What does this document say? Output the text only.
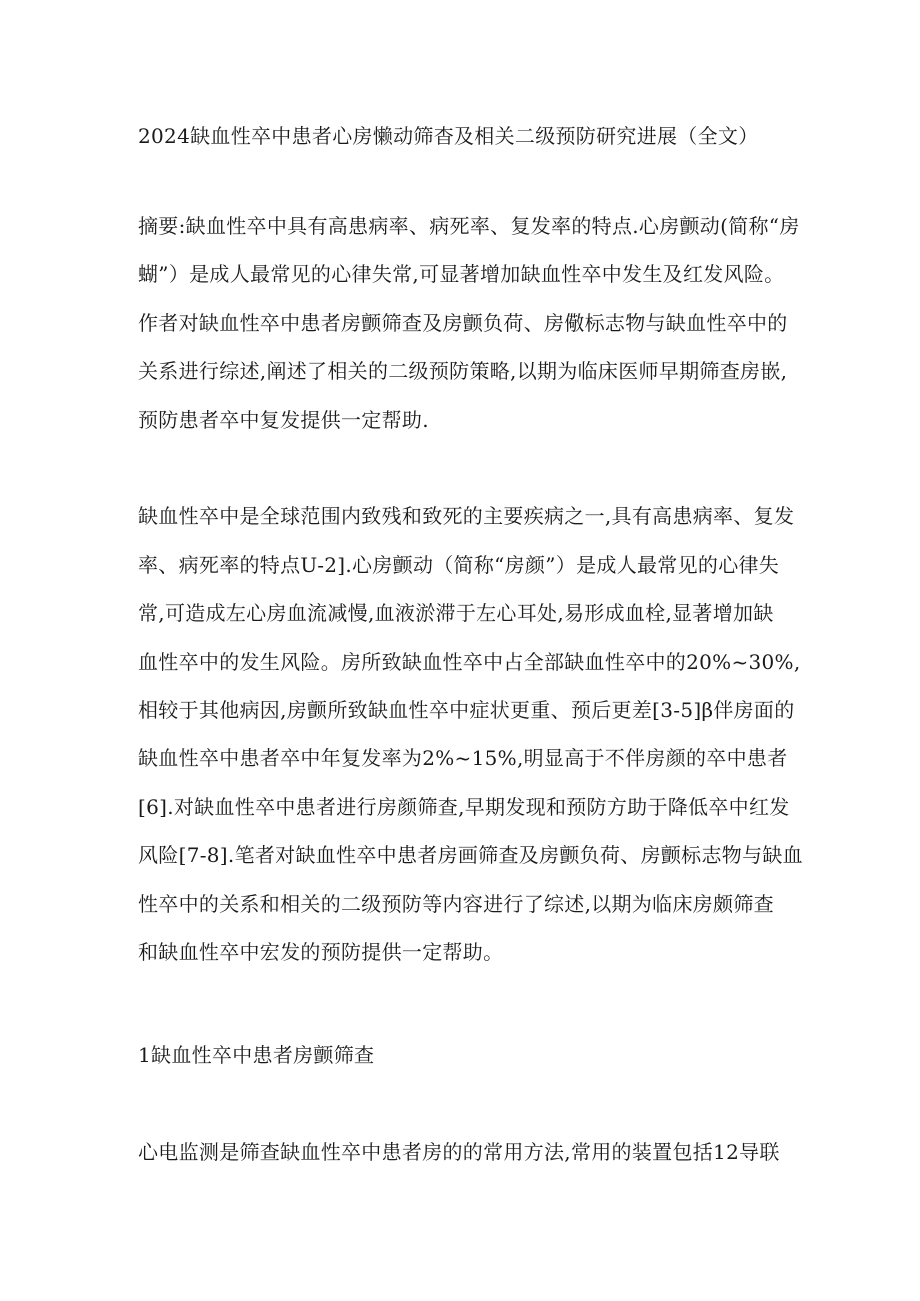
2024缺血性卒中患者心房懒动筛杳及相关二级预防研究进展（全文）
摘要:缺血性卒中具有高患病率、病死率、复发率的特点.心房颤动(简称“房
蝴”）是成人最常见的心律失常,可显著增加缺血性卒中发生及红发风险。
作者对缺血性卒中患者房颤筛查及房颤负荷、房儆标志物与缺血性卒中的
关系进行综述,阐述了相关的二级预防策略,以期为临床医师早期筛查房嵌,
预防患者卒中复发提供一定帮助.
缺血性卒中是全球范围内致残和致死的主要疾病之一,具有高患病率、复发
率、病死率的特点U-2].心房颤动（简称“房颜”）是成人最常见的心律失
常,可造成左心房血流减慢,血液淤滞于左心耳处,易形成血栓,显著增加缺
血性卒中的发生风险。房所致缺血性卒中占全部缺血性卒中的20%~30%,
相较于其他病因,房颤所致缺血性卒中症状更重、预后更差[3-5]β伴房面的
缺血性卒中患者卒中年复发率为2%~15%,明显高于不伴房颜的卒中患者
[6].对缺血性卒中患者进行房颜筛查,早期发现和预防方助于降低卒中红发
风险[7-8].笔者对缺血性卒中患者房画筛查及房颤负荷、房颤标志物与缺血
性卒中的关系和相关的二级预防等内容进行了综述,以期为临床房颇筛查
和缺血性卒中宏发的预防提供一定帮助。
1缺血性卒中患者房颤筛查
心电监测是筛查缺血性卒中患者房的的常用方法,常用的装置包括12导联
